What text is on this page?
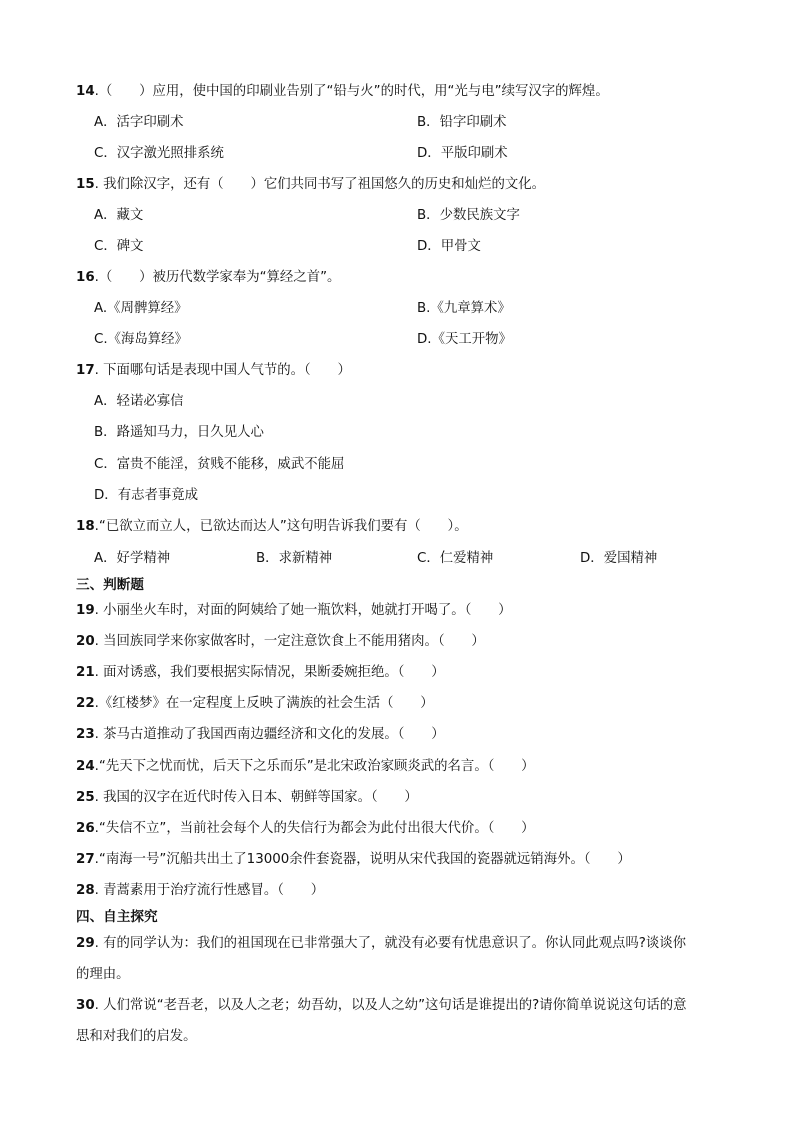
14.（　　）应用，使中国的印刷业告别了“铅与火”的时代，用“光与电”续写汉字的辉煌。
A．活字印刷术	B．铅字印刷术
C．汉字激光照排系统	D．平版印刷术
15. 我们除汉字，还有（　　）它们共同书写了祖国悠久的历史和灿烂的文化。
A．藏文	B．少数民族文字
C．碑文	D．甲骨文
16.（　　）被历代数学家奉为“算经之首”。
A.《周髀算经》	B.《九章算术》
C.《海岛算经》	D.《天工开物》
17. 下面哪句话是表现中国人气节的。（　　）
A．轻诺必寡信
B．路遥知马力，日久见人心
C．富贵不能淫，贫贱不能移，威武不能屈
D．有志者事竟成
18.“已欲立而立人，已欲达而达人”这句明告诉我们要有（　　）。
A．好学精神	B．求新精神	C．仁爱精神	D．爱国精神
三、判断题
19. 小丽坐火车时，对面的阿姨给了她一瓶饮料，她就打开喝了。（　　）
20. 当回族同学来你家做客时，一定注意饮食上不能用猪肉。（　　）
21. 面对诱惑，我们要根据实际情况，果断委婉拒绝。（　　）
22.《红楼梦》在一定程度上反映了满族的社会生活（　　）
23. 茶马古道推动了我国西南边疆经济和文化的发展。（　　）
24.“先天下之忧而忧，后天下之乐而乐”是北宋政治家顾炎武的名言。（　　）
25. 我国的汉字在近代时传入日本、朝鲜等国家。（　　）
26.“失信不立”，当前社会每个人的失信行为都会为此付出很大代价。（　　）
27.“南海一号”沉船共出土了13000余件套瓷器，说明从宋代我国的瓷器就远销海外。（　　）
28. 青蒿素用于治疗流行性感冒。（　　）
四、自主探究
29. 有的同学认为：我们的祖国现在已非常强大了，就没有必要有忧患意识了。你认同此观点吗?谈谈你
的理由。
30. 人们常说“老吾老，以及人之老；幼吾幼，以及人之幼”这句话是谁提出的?请你简单说说这句话的意
思和对我们的启发。
